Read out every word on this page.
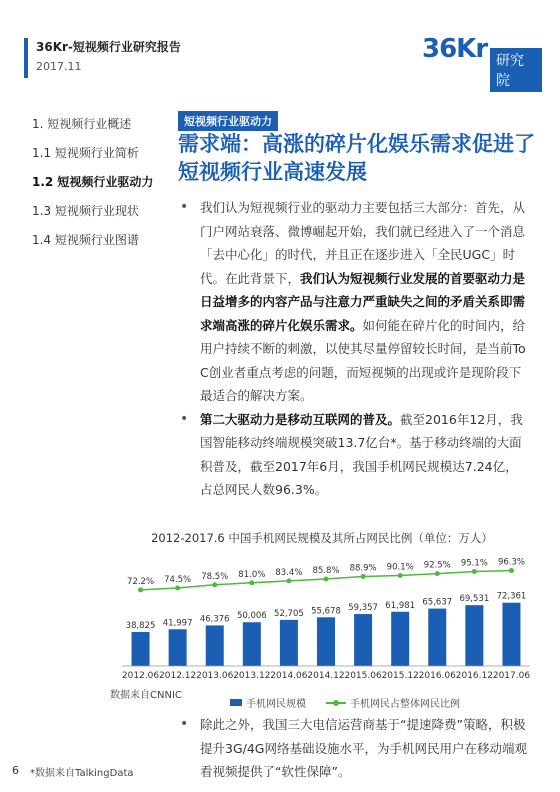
36Kr-短视频行业研究报告
2017.11
36Kr 研究院
1. 短视频行业概述
1.1 短视频行业简析
1.2 短视频行业驱动力
1.3 短视频行业现状
1.4 短视频行业图谱
短视频行业驱动力
需求端：高涨的碎片化娱乐需求促进了短视频行业高速发展
• 我们认为短视频行业的驱动力主要包括三大部分：首先，从门户网站衰落、微博崛起开始，我们就已经进入了一个消息「去中心化」的时代，并且正在逐步进入「全民UGC」时代。在此背景下，我们认为短视频行业发展的首要驱动力是日益增多的内容产品与注意力严重缺失之间的矛盾关系即需求端高涨的碎片化娱乐需求。如何能在碎片化的时间内，给用户持续不断的刺激，以使其尽量停留较长时间，是当前To C创业者重点考虑的问题，而短视频的出现或许是现阶段下最适合的解决方案。
• 第二大驱动力是移动互联网的普及。截至2016年12月，我国智能移动终端规模突破13.7亿台*。基于移动终端的大面积普及，截至2017年6月，我国手机网民规模达7.24亿，占总网民人数96.3%。
2012-2017.6 中国手机网民规模及其所占网民比例（单位：万人）
38,825
2012.06
41,997
2012.12
46,376
2013.06
50,006
2013.12
52,705
2014.06
55,678
2014.12
59,357
2015.06
61,981
2015.12
65,637
2016.06
69,531
2016.12
72,361
2017.06
72.2% 74.5% 78.5% 81.0% 83.4% 85.8% 88.9% 90.1% 92.5% 95.1% 96.3%
数据来自CNNIC
手机网民规模	手机网民占整体网民比例
• 除此之外，我国三大电信运营商基于“提速降费”策略，积极提升3G/4G网络基础设施水平，为手机网民用户在移动端观看视频提供了“软性保障”。
6 *数据来自TalkingData
